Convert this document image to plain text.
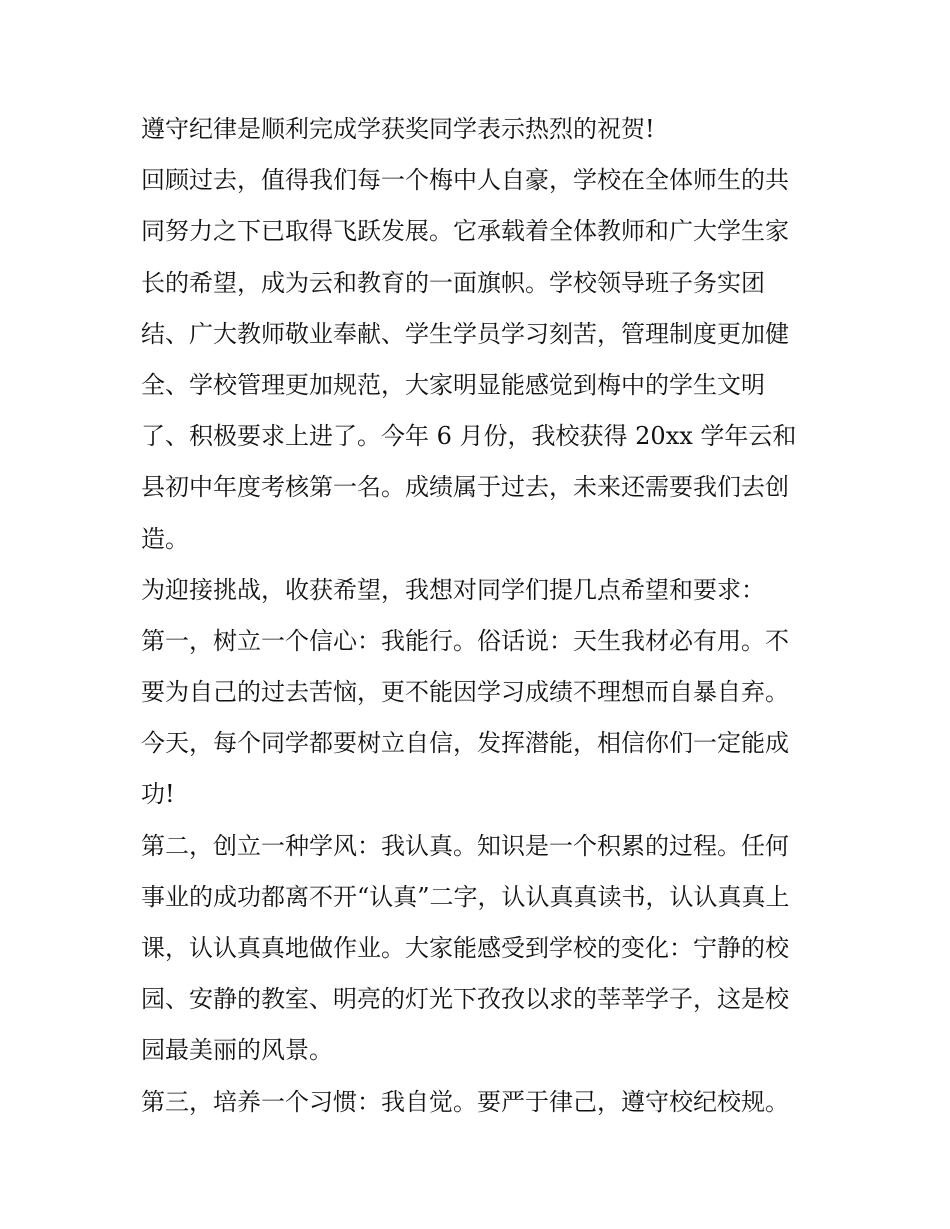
遵守纪律是顺利完成学获奖同学表示热烈的祝贺!
回顾过去，值得我们每一个梅中人自豪，学校在全体师生的共
同努力之下已取得飞跃发展。它承载着全体教师和广大学生家
长的希望，成为云和教育的一面旗帜。学校领导班子务实团
结、广大教师敬业奉献、学生学员学习刻苦，管理制度更加健
全、学校管理更加规范，大家明显能感觉到梅中的学生文明
了、积极要求上进了。今年 6 月份，我校获得 20xx 学年云和
县初中年度考核第一名。成绩属于过去，未来还需要我们去创
造。
为迎接挑战，收获希望，我想对同学们提几点希望和要求：
第一，树立一个信心：我能行。俗话说：天生我材必有用。不
要为自己的过去苦恼，更不能因学习成绩不理想而自暴自弃。
今天，每个同学都要树立自信，发挥潜能，相信你们一定能成
功!
第二，创立一种学风：我认真。知识是一个积累的过程。任何
事业的成功都离不开“认真”二字，认认真真读书，认认真真上
课，认认真真地做作业。大家能感受到学校的变化：宁静的校
园、安静的教室、明亮的灯光下孜孜以求的莘莘学子，这是校
园最美丽的风景。
第三，培养一个习惯：我自觉。要严于律己，遵守校纪校规。
